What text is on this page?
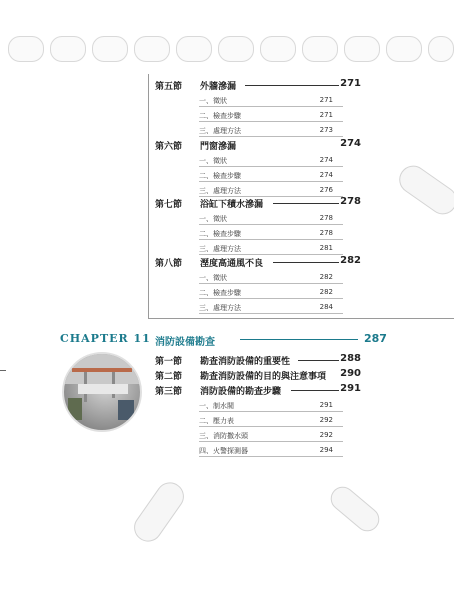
第五節 外牆滲漏	271
一、徵狀	271
二、檢查步驟	271
三、處理方法	273
第六節 門窗滲漏	274
一、徵狀	274
二、檢查步驟	274
三、處理方法	276
第七節 浴缸下積水滲漏	278
一、徵狀	278
二、檢查步驟	278
三、處理方法	281
第八節 溼度高通風不良	282
一、徵狀	282
二、檢查步驟	282
三、處理方法	284
CHAPTER 11 消防設備勘查	287
第一節 勘查消防設備的重要性	288
第二節 勘查消防設備的目的與注意事項 290
第三節 消防設備的勘查步驟	291
一、制水閥	291
二、壓力表	292
三、消防撒水頭	292
四、火警探測器	294
